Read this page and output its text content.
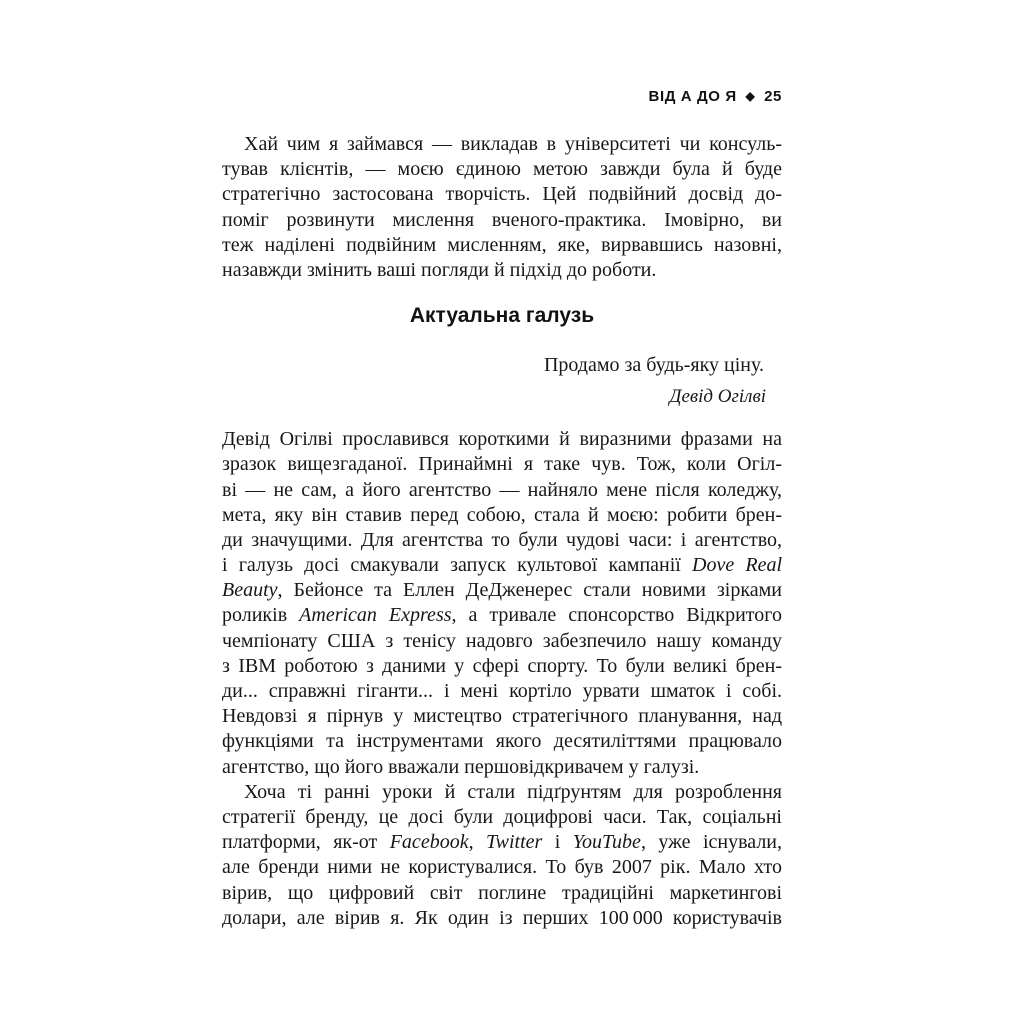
ВІД А ДО Я ◆ 25
Хай чим я займався — викладав в університеті чи консуль-
тував клієнтів, — моєю єдиною метою завжди була й буде
стратегічно застосована творчість. Цей подвійний досвід до-
поміг розвинути мислення вченого-практика. Імовірно, ви
теж наділені подвійним мисленням, яке, вирвавшись назовні,
назавжди змінить ваші погляди й підхід до роботи.
Актуальна галузь
Продамо за будь-яку ціну.
Девід Огілві
Девід Огілві прославився короткими й виразними фразами на
зразок вищезгаданої. Принаймні я таке чув. Тож, коли Огіл-
ві — не сам, а його агентство — найняло мене після коледжу,
мета, яку він ставив перед собою, стала й моєю: робити брен-
ди значущими. Для агентства то були чудові часи: і агентство,
і галузь досі смакували запуск культової кампанії Dove Real
Beauty, Бейонсе та Еллен ДеДженерес стали новими зірками
роликів American Express, а тривале спонсорство Відкритого
чемпіонату США з тенісу надовго забезпечило нашу команду
з IBM роботою з даними у сфері спорту. То були великі брен-
ди... справжні гіганти... і мені кортіло урвати шматок і собі.
Невдовзі я пірнув у мистецтво стратегічного планування, над
функціями та інструментами якого десятиліттями працювало
агентство, що його вважали першовідкривачем у галузі.
Хоча ті ранні уроки й стали підґрунтям для розроблення
стратегії бренду, це досі були доцифрові часи. Так, соціальні
платформи, як-от Facebook, Twitter і YouTube, уже існували,
але бренди ними не користувалися. То був 2007 рік. Мало хто
вірив, що цифровий світ поглине традиційні маркетингові
долари, але вірив я. Як один із перших 100 000 користувачів
